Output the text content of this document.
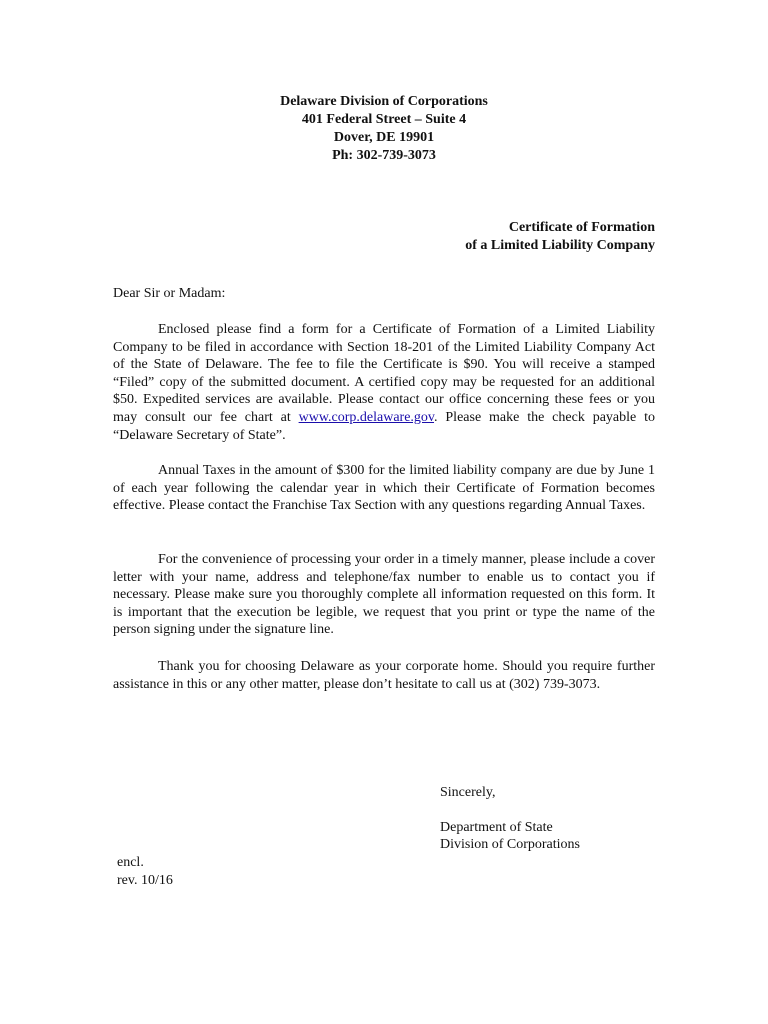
Delaware Division of Corporations
401 Federal Street – Suite 4
Dover, DE 19901
Ph: 302-739-3073
Certificate of Formation
of a Limited Liability Company
Dear Sir or Madam:

Enclosed please find a form for a Certificate of Formation of a Limited Liability Company to be filed in accordance with Section 18-201 of the Limited Liability Company Act of the State of Delaware. The fee to file the Certificate is $90. You will receive a stamped “Filed” copy of the submitted document. A certified copy may be requested for an additional $50. Expedited services are available. Please contact our office concerning these fees or you may consult our fee chart at www.corp.delaware.gov. Please make the check payable to “Delaware Secretary of State”.

Annual Taxes in the amount of $300 for the limited liability company are due by June 1 of each year following the calendar year in which their Certificate of Formation becomes effective. Please contact the Franchise Tax Section with any questions regarding Annual Taxes.

For the convenience of processing your order in a timely manner, please include a cover letter with your name, address and telephone/fax number to enable us to contact you if necessary. Please make sure you thoroughly complete all information requested on this form. It is important that the execution be legible, we request that you print or type the name of the person signing under the signature line.

Thank you for choosing Delaware as your corporate home. Should you require further assistance in this or any other matter, please don’t hesitate to call us at (302) 739-3073.

Sincerely,
Department of State
Division of Corporations
encl.
rev. 10/16
